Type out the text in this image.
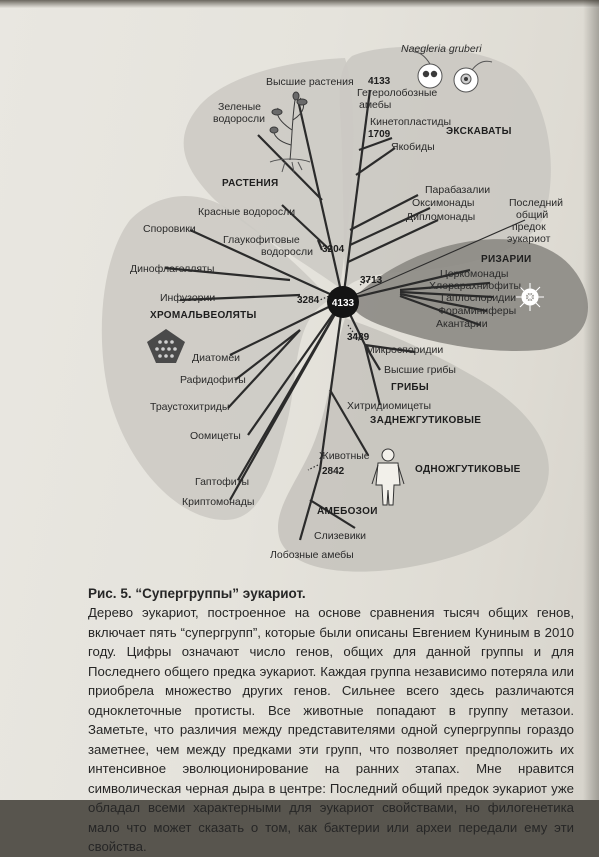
4133
ЭКСКАВАТЫ
РАСТЕНИЯ
РИЗАРИИ
ХРОМАЛЬВЕОЛЯТЫ
ГРИБЫ
ЗАДНЕЖГУТИКОВЫЕ
ОДНОЖГУТИКОВЫЕ
АМЕБОЗОИ
4133
1709
3204
3284
3713
3489
2842
Naegleria gruberi
Гетеролобозные
амебы
Кинетопластиды
Якобиды
Парабазалии
Оксимонады
Дипломонады
Последний
общий
предок
эукариот
Высшие растения
Зеленые
водоросли
Красные водоросли
Глаукофитовые
водоросли
Споровики
Динофлагелляты
Инфузории
Диатомеи
Рафидофиты
Траустохитриды
Оомицеты
Гаптофиты
Криптомонады
Церкомонады
Хлорарахниофиты
Гаплоспоридии
Фораминиферы
Акантарии
Микроспоридии
Высшие грибы
Хитридиомицеты
Животные
Слизевики
Лобозные амебы

Рис. 5. “Супергруппы” эукариот.

Дерево эукариот, построенное на основе сравнения тысяч общих генов, включает пять “супергрупп”, которые были описаны Евгением Куниным в 2010 году. Цифры означают число генов, общих для данной группы и для Последнего общего предка эукариот. Каждая группа независимо потеряла или приобрела множество других генов. Сильнее всего здесь различаются одноклеточные протисты. Все животные попадают в группу метазои. Заметьте, что различия между представителями одной супергруппы гораздо заметнее, чем между предками эти групп, что позволяет предположить их интенсивное эволюционирование на ранних этапах. Мне нравится символическая черная дыра в центре: Последний общий предок эукариот уже обладал всеми характерными для эукариот свойствами, но филогенетика мало что может сказать о том, как бактерии или археи передали ему эти свойства.
